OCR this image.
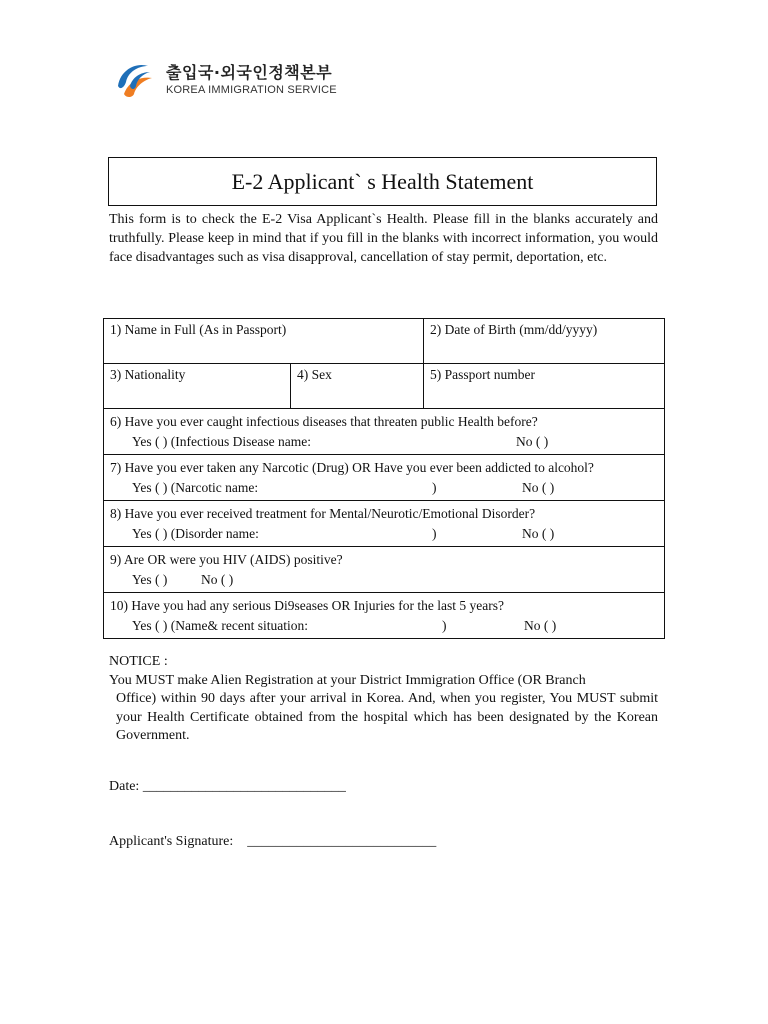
출입국·외국인정책본부
KOREA IMMIGRATION SERVICE
E-2 Applicant` s Health Statement
This form is to check the E-2 Visa Applicant`s Health. Please fill in the blanks accurately and truthfully. Please keep in mind that if you fill in the blanks with incorrect information, you would face disadvantages such as visa disapproval, cancellation of stay permit, deportation, etc.
1) Name in Full (As in Passport)		2) Date of Birth (mm/dd/yyyy)
3) Nationality	4) Sex	5) Passport number

6) Have you ever caught infectious diseases that threaten public Health before?
Yes ( ) (Infectious Disease name: No ( )		

7) Have you ever taken any Narcotic (Drug) OR Have you ever been addicted to alcohol?
Yes ( ) (Narcotic name: ) No ( )		

8) Have you ever received treatment for Mental/Neurotic/Emotional Disorder?
Yes ( ) (Disorder name: ) No ( )		

9) Are OR were you HIV (AIDS) positive?
Yes ( ) No ( )		

10) Have you had any serious Di9seases OR Injuries for the last 5 years?
Yes ( ) (Name& recent situation: ) No ( )		
NOTICE :
You MUST make Alien Registration at your District Immigration Office (OR Branch
Office) within 90 days after your arrival in Korea. And, when you register, You MUST submit your Health Certificate obtained from the hospital which has been designated by the Korean Government.
Date: _____________________________
Applicant's Signature: ___________________________
